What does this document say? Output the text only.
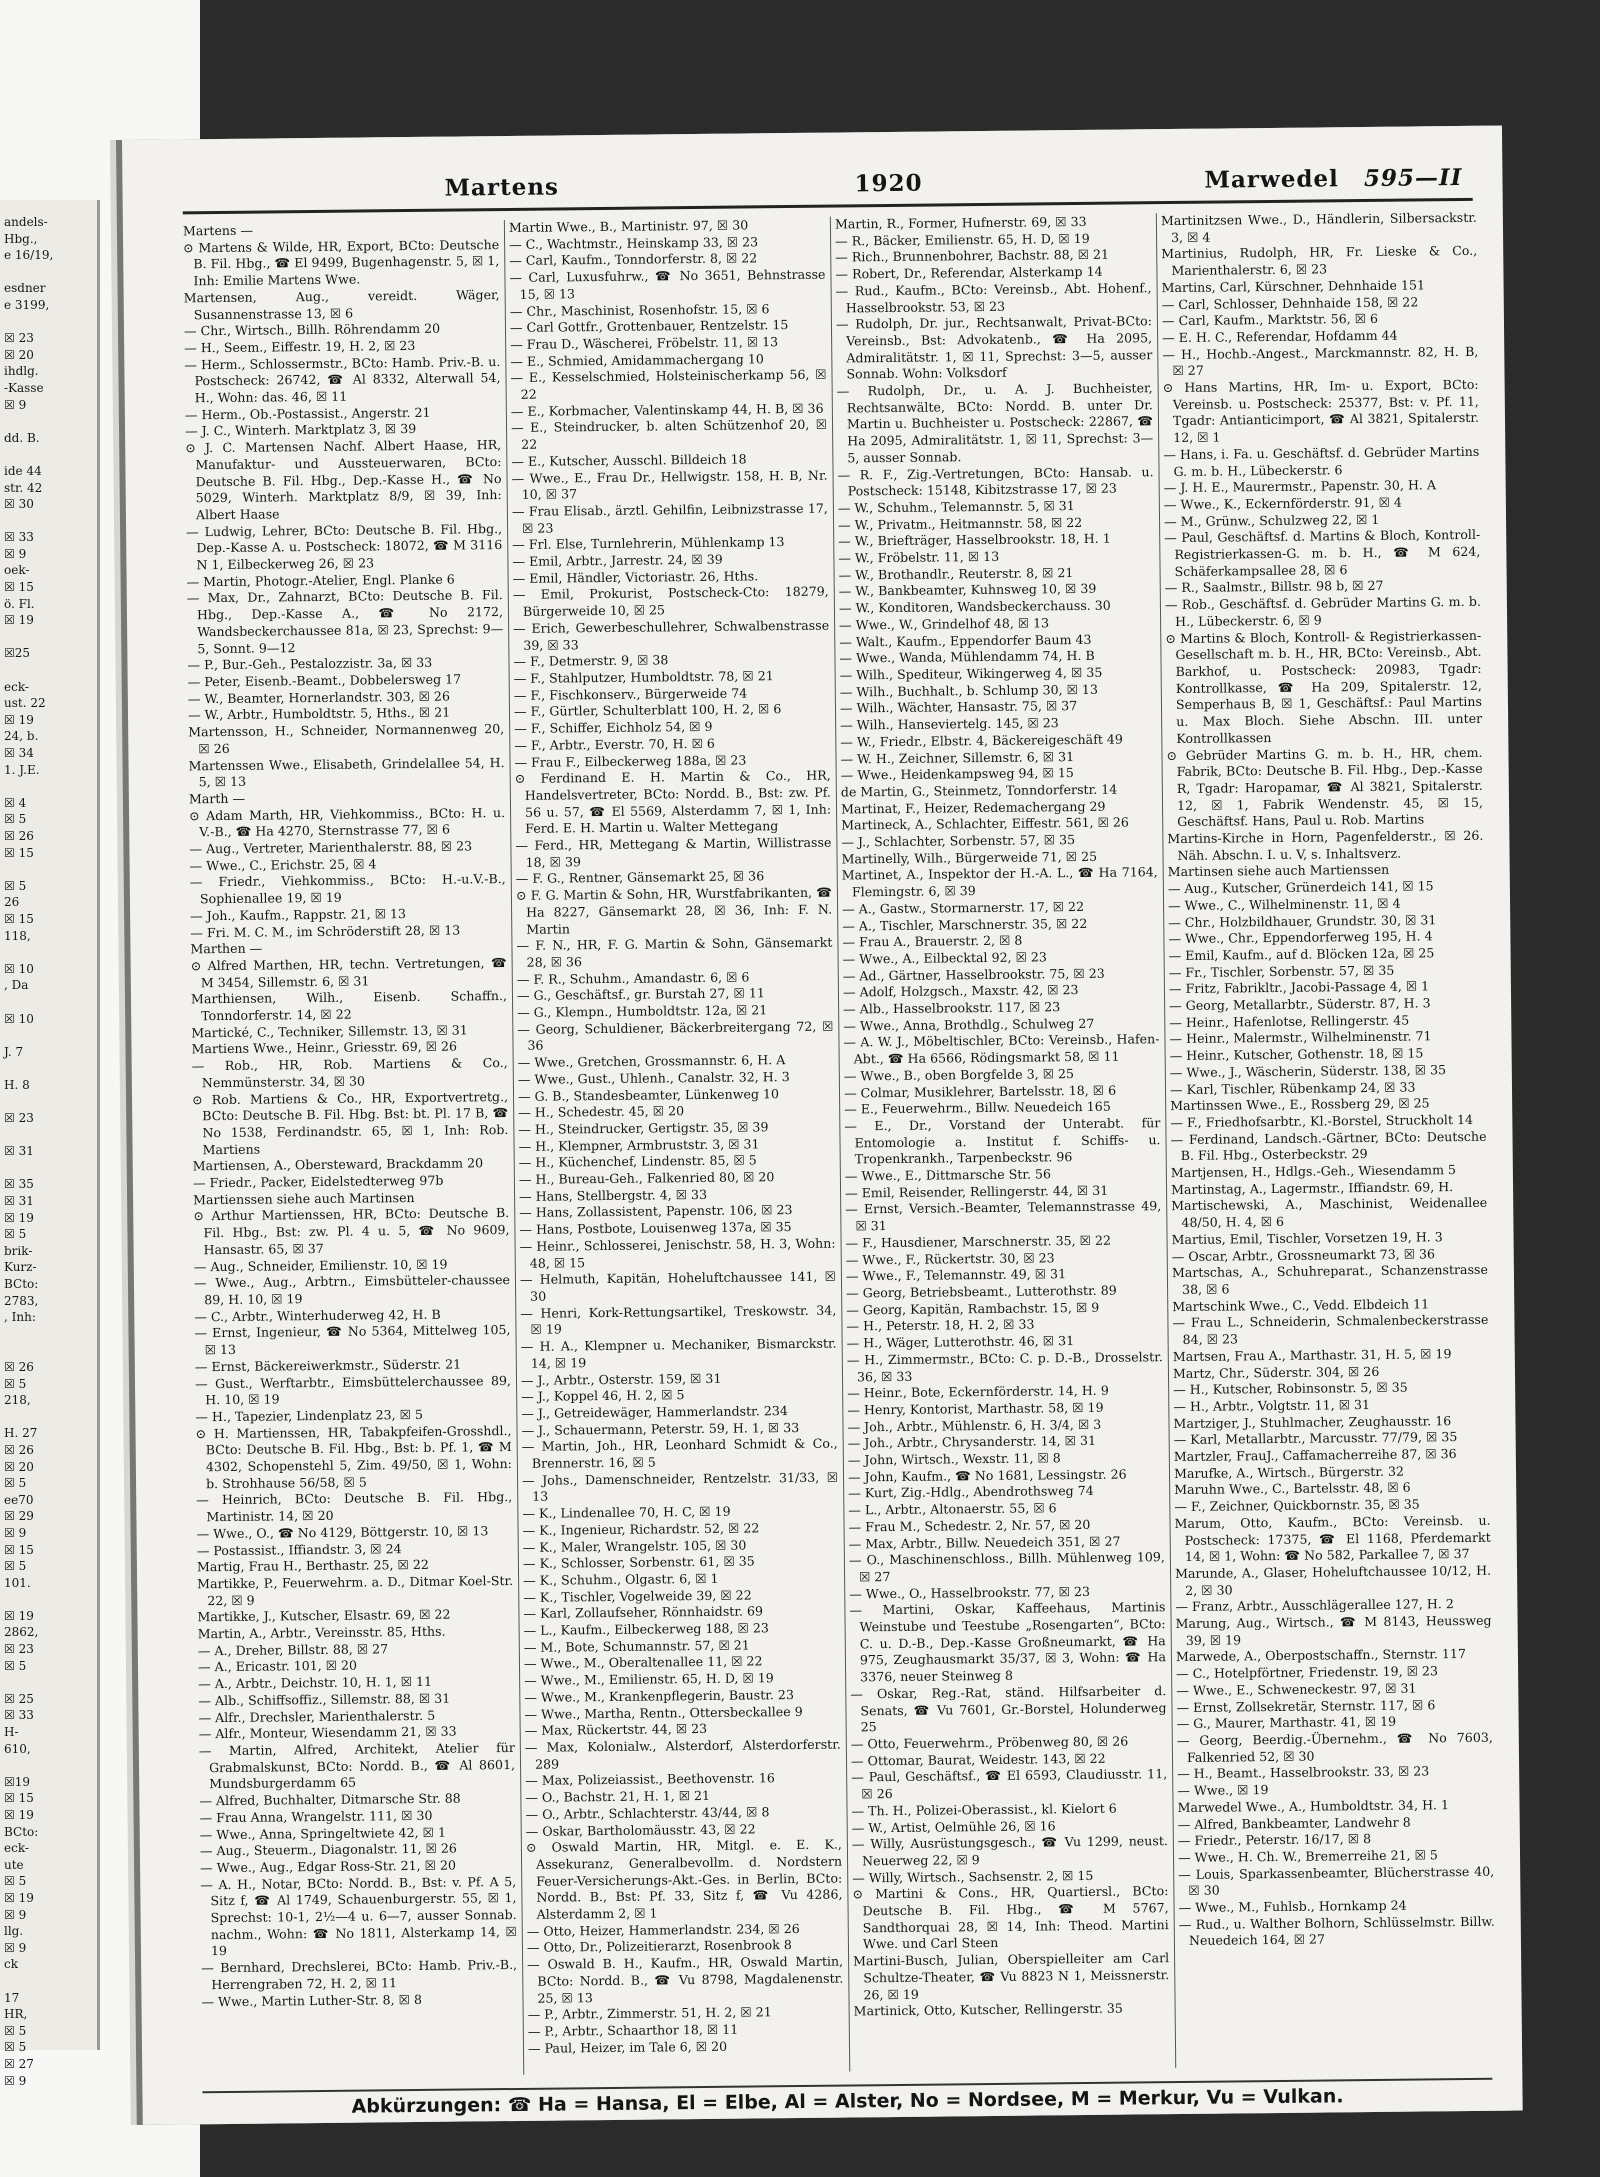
andels-
Hbg.,
e 16/19,

esdner
e 3199,

☒ 23
☒ 20
ihdlg.
-Kasse
☒ 9

dd. B.

ide 44
str. 42
☒ 30

☒ 33
☒ 9
oek-
☒ 15
ö. Fl.
☒ 19

☒25

eck-
ust. 22
☒ 19
24, b.
☒ 34
1. J.E.

☒ 4
☒ 5
☒ 26
☒ 15

☒ 5
26
☒ 15
118,

☒ 10
, Da

☒ 10

J. 7

H. 8

☒ 23

☒ 31

☒ 35
☒ 31
☒ 19
☒ 5
brik-
Kurz-
BCto:
2783,
, Inh:

☒ 26
☒ 5
218,

H. 27
☒ 26
☒ 20
☒ 5
ee70
☒ 29
☒ 9
☒ 15
☒ 5
101.

☒ 19
2862,
☒ 23
☒ 5

☒ 25
☒ 33
H-
610,

☒19
☒ 15
☒ 19
BCto:
eck-
ute
☒ 5
☒ 19
☒ 9
llg.
☒ 9
ck

17
HR,
☒ 5
☒ 5
☒ 27
☒ 9
Martens	1920	Marwedel 595—II

Martens —

⊙ Martens & Wilde, HR, Export, BCto: Deutsche B. Fil. Hbg., ☎ El 9499, Bugenhagenstr. 5, ☒ 1, Inh: Emilie Martens Wwe.

Martensen, Aug., vereidt. Wäger, Susannenstrasse 13, ☒ 6

— Chr., Wirtsch., Billh. Röhrendamm 20

— H., Seem., Eiffestr. 19, H. 2, ☒ 23

— Herm., Schlossermstr., BCto: Hamb. Priv.-B. u. Postscheck: 26742, ☎ Al 8332, Alterwall 54, H., Wohn: das. 46, ☒ 11

— Herm., Ob.-Postassist., Angerstr. 21

— J. C., Winterh. Marktplatz 3, ☒ 39

⊙ J. C. Martensen Nachf. Albert Haase, HR, Manufaktur- und Aussteuerwaren, BCto: Deutsche B. Fil. Hbg., Dep.-Kasse H., ☎ No 5029, Winterh. Marktplatz 8/9, ☒ 39, Inh: Albert Haase

— Ludwig, Lehrer, BCto: Deutsche B. Fil. Hbg., Dep.-Kasse A. u. Postscheck: 18072, ☎ M 3116 N 1, Eilbeckerweg 26, ☒ 23

— Martin, Photogr.-Atelier, Engl. Planke 6

— Max, Dr., Zahnarzt, BCto: Deutsche B. Fil. Hbg., Dep.-Kasse A., ☎ No 2172, Wandsbeckerchaussee 81a, ☒ 23, Sprechst: 9—5, Sonnt. 9—12

— P., Bur.-Geh., Pestalozzistr. 3a, ☒ 33

— Peter, Eisenb.-Beamt., Dobbelersweg 17

— W., Beamter, Hornerlandstr. 303, ☒ 26

— W., Arbtr., Humboldtstr. 5, Hths., ☒ 21

Martensson, H., Schneider, Normannenweg 20, ☒ 26

Martenssen Wwe., Elisabeth, Grindelallee 54, H. 5, ☒ 13

Marth —

⊙ Adam Marth, HR, Viehkommiss., BCto: H. u. V.-B., ☎ Ha 4270, Sternstrasse 77, ☒ 6

— Aug., Vertreter, Marienthalerstr. 88, ☒ 23

— Wwe., C., Erichstr. 25, ☒ 4

— Friedr., Viehkommiss., BCto: H.-u.V.-B., Sophienallee 19, ☒ 19

— Joh., Kaufm., Rappstr. 21, ☒ 13

— Fri. M. C. M., im Schröderstift 28, ☒ 13

Marthen —

⊙ Alfred Marthen, HR, techn. Vertretungen, ☎ M 3454, Sillemstr. 6, ☒ 31

Marthiensen, Wilh., Eisenb. Schaffn., Tonndorferstr. 14, ☒ 22

Martické, C., Techniker, Sillemstr. 13, ☒ 31

Martiens Wwe., Heinr., Griesstr. 69, ☒ 26

— Rob., HR, Rob. Martiens & Co., Nemmünsterstr. 34, ☒ 30

⊙ Rob. Martiens & Co., HR, Exportvertretg., BCto: Deutsche B. Fil. Hbg. Bst: bt. Pl. 17 B, ☎ No 1538, Ferdinandstr. 65, ☒ 1, Inh: Rob. Martiens

Martiensen, A., Obersteward, Brackdamm 20

— Friedr., Packer, Eidelstedterweg 97b

Martienssen siehe auch Martinsen

⊙ Arthur Martienssen, HR, BCto: Deutsche B. Fil. Hbg., Bst: zw. Pl. 4 u. 5, ☎ No 9609, Hansastr. 65, ☒ 37

— Aug., Schneider, Emilienstr. 10, ☒ 19

— Wwe., Aug., Arbtrn., Eimsbütteler-chaussee 89, H. 10, ☒ 19

— C., Arbtr., Winterhuderweg 42, H. B

— Ernst, Ingenieur, ☎ No 5364, Mittelweg 105, ☒ 13

— Ernst, Bäckereiwerkmstr., Süderstr. 21

— Gust., Werftarbtr., Eimsbüttelerchaussee 89, H. 10, ☒ 19

— H., Tapezier, Lindenplatz 23, ☒ 5

⊙ H. Martienssen, HR, Tabakpfeifen-Grosshdl., BCto: Deutsche B. Fil. Hbg., Bst: b. Pf. 1, ☎ M 4302, Schopenstehl 5, Zim. 49/50, ☒ 1, Wohn: b. Strohhause 56/58, ☒ 5

— Heinrich, BCto: Deutsche B. Fil. Hbg., Martinistr. 14, ☒ 20

— Wwe., O., ☎ No 4129, Böttgerstr. 10, ☒ 13

— Postassist., Iffiandstr. 3, ☒ 24

Martig, Frau H., Berthastr. 25, ☒ 22

Martikke, P., Feuerwehrm. a. D., Ditmar Koel-Str. 22, ☒ 9

Martikke, J., Kutscher, Elsastr. 69, ☒ 22

Martin, A., Arbtr., Vereinsstr. 85, Hths.

— A., Dreher, Billstr. 88, ☒ 27

— A., Ericastr. 101, ☒ 20

— A., Arbtr., Deichstr. 10, H. 1, ☒ 11

— Alb., Schiffsoffiz., Sillemstr. 88, ☒ 31

— Alfr., Drechsler, Marienthalerstr. 5

— Alfr., Monteur, Wiesendamm 21, ☒ 33

— Martin, Alfred, Architekt, Atelier für Grabmalskunst, BCto: Nordd. B., ☎ Al 8601, Mundsburgerdamm 65

— Alfred, Buchhalter, Ditmarsche Str. 88

— Frau Anna, Wrangelstr. 111, ☒ 30

— Wwe., Anna, Springeltwiete 42, ☒ 1

— Aug., Steuerm., Diagonalstr. 11, ☒ 26

— Wwe., Aug., Edgar Ross-Str. 21, ☒ 20

— A. H., Notar, BCto: Nordd. B., Bst: v. Pf. A 5, Sitz f, ☎ Al 1749, Schauenburgerstr. 55, ☒ 1, Sprechst: 10-1, 2½—4 u. 6—7, ausser Sonnab. nachm., Wohn: ☎ No 1811, Alsterkamp 14, ☒ 19

— Bernhard, Drechslerei, BCto: Hamb. Priv.-B., Herrengraben 72, H. 2, ☒ 11

— Wwe., Martin Luther-Str. 8, ☒ 8

Martin Wwe., B., Martinistr. 97, ☒ 30

— C., Wachtmstr., Heinskamp 33, ☒ 23

— Carl, Kaufm., Tonndorferstr. 8, ☒ 22

— Carl, Luxusfuhrw., ☎ No 3651, Behnstrasse 15, ☒ 13

— Chr., Maschinist, Rosenhofstr. 15, ☒ 6

— Carl Gottfr., Grottenbauer, Rentzelstr. 15

— Frau D., Wäscherei, Fröbelstr. 11, ☒ 13

— E., Schmied, Amidammachergang 10

— E., Kesselschmied, Holsteinischerkamp 56, ☒ 22

— E., Korbmacher, Valentinskamp 44, H. B, ☒ 36

— E., Steindrucker, b. alten Schützenhof 20, ☒ 22

— E., Kutscher, Ausschl. Billdeich 18

— Wwe., E., Frau Dr., Hellwigstr. 158, H. B, Nr. 10, ☒ 37

— Frau Elisab., ärztl. Gehilfin, Leibnizstrasse 17, ☒ 23

— Frl. Else, Turnlehrerin, Mühlenkamp 13

— Emil, Arbtr., Jarrestr. 24, ☒ 39

— Emil, Händler, Victoriastr. 26, Hths.

— Emil, Prokurist, Postscheck-Cto: 18279, Bürgerweide 10, ☒ 25

— Erich, Gewerbeschullehrer, Schwalbenstrasse 39, ☒ 33

— F., Detmerstr. 9, ☒ 38

— F., Stahlputzer, Humboldtstr. 78, ☒ 21

— F., Fischkonserv., Bürgerweide 74

— F., Gürtler, Schulterblatt 100, H. 2, ☒ 6

— F., Schiffer, Eichholz 54, ☒ 9

— F., Arbtr., Everstr. 70, H. ☒ 6

— Frau F., Eilbeckerweg 188a, ☒ 23

⊙ Ferdinand E. H. Martin & Co., HR, Handelsvertreter, BCto: Nordd. B., Bst: zw. Pf. 56 u. 57, ☎ El 5569, Alsterdamm 7, ☒ 1, Inh: Ferd. E. H. Martin u. Walter Mettegang

— Ferd., HR, Mettegang & Martin, Willistrasse 18, ☒ 39

— F. G., Rentner, Gänsemarkt 25, ☒ 36

⊙ F. G. Martin & Sohn, HR, Wurstfabrikanten, ☎ Ha 8227, Gänsemarkt 28, ☒ 36, Inh: F. N. Martin

— F. N., HR, F. G. Martin & Sohn, Gänsemarkt 28, ☒ 36

— F. R., Schuhm., Amandastr. 6, ☒ 6

— G., Geschäftsf., gr. Burstah 27, ☒ 11

— G., Klempn., Humboldtstr. 12a, ☒ 21

— Georg, Schuldiener, Bäckerbreitergang 72, ☒ 36

— Wwe., Gretchen, Grossmannstr. 6, H. A

— Wwe., Gust., Uhlenh., Canalstr. 32, H. 3

— G. B., Standesbeamter, Lünkenweg 10

— H., Schedestr. 45, ☒ 20

— H., Steindrucker, Gertigstr. 35, ☒ 39

— H., Klempner, Armbruststr. 3, ☒ 31

— H., Küchenchef, Lindenstr. 85, ☒ 5

— H., Bureau-Geh., Falkenried 80, ☒ 20

— Hans, Stellbergstr. 4, ☒ 33

— Hans, Zollassistent, Papenstr. 106, ☒ 23

— Hans, Postbote, Louisenweg 137a, ☒ 35

— Heinr., Schlosserei, Jenischstr. 58, H. 3, Wohn: 48, ☒ 15

— Helmuth, Kapitän, Hoheluftchaussee 141, ☒ 30

— Henri, Kork-Rettungsartikel, Treskowstr. 34, ☒ 19

— H. A., Klempner u. Mechaniker, Bismarckstr. 14, ☒ 19

— J., Arbtr., Osterstr. 159, ☒ 31

— J., Koppel 46, H. 2, ☒ 5

— J., Getreidewäger, Hammerlandstr. 234

— J., Schauermann, Peterstr. 59, H. 1, ☒ 33

— Martin, Joh., HR, Leonhard Schmidt & Co., Brennerstr. 16, ☒ 5

— Johs., Damenschneider, Rentzelstr. 31/33, ☒ 13

— K., Lindenallee 70, H. C, ☒ 19

— K., Ingenieur, Richardstr. 52, ☒ 22

— K., Maler, Wrangelstr. 105, ☒ 30

— K., Schlosser, Sorbenstr. 61, ☒ 35

— K., Schuhm., Olgastr. 6, ☒ 1

— K., Tischler, Vogelweide 39, ☒ 22

— Karl, Zollaufseher, Rönnhaidstr. 69

— L., Kaufm., Eilbeckerweg 188, ☒ 23

— M., Bote, Schumannstr. 57, ☒ 21

— Wwe., M., Oberaltenallee 11, ☒ 22

— Wwe., M., Emilienstr. 65, H. D, ☒ 19

— Wwe., M., Krankenpflegerin, Baustr. 23

— Wwe., Martha, Rentn., Ottersbeckallee 9

— Max, Rückertstr. 44, ☒ 23

— Max, Kolonialw., Alsterdorf, Alsterdorferstr. 289

— Max, Polizeiassist., Beethovenstr. 16

— O., Bachstr. 21, H. 1, ☒ 21

— O., Arbtr., Schlachterstr. 43/44, ☒ 8

— Oskar, Bartholomäusstr. 43, ☒ 22

⊙ Oswald Martin, HR, Mitgl. e. E. K., Assekuranz, Generalbevollm. d. Nordstern Feuer-Versicherungs-Akt.-Ges. in Berlin, BCto: Nordd. B., Bst: Pf. 33, Sitz f, ☎ Vu 4286, Alsterdamm 2, ☒ 1

— Otto, Heizer, Hammerlandstr. 234, ☒ 26

— Otto, Dr., Polizeitierarzt, Rosenbrook 8

— Oswald B. H., Kaufm., HR, Oswald Martin, BCto: Nordd. B., ☎ Vu 8798, Magdalenenstr. 25, ☒ 13

— P., Arbtr., Zimmerstr. 51, H. 2, ☒ 21

— P., Arbtr., Schaarthor 18, ☒ 11

— Paul, Heizer, im Tale 6, ☒ 20

Martin, R., Former, Hufnerstr. 69, ☒ 33

— R., Bäcker, Emilienstr. 65, H. D, ☒ 19

— Rich., Brunnenbohrer, Bachstr. 88, ☒ 21

— Robert, Dr., Referendar, Alsterkamp 14

— Rud., Kaufm., BCto: Vereinsb., Abt. Hohenf., Hasselbrookstr. 53, ☒ 23

— Rudolph, Dr. jur., Rechtsanwalt, Privat-BCto: Vereinsb., Bst: Advokatenb., ☎ Ha 2095, Admiralitätstr. 1, ☒ 11, Sprechst: 3—5, ausser Sonnab. Wohn: Volksdorf

— Rudolph, Dr., u. A. J. Buchheister, Rechtsanwälte, BCto: Nordd. B. unter Dr. Martin u. Buchheister u. Postscheck: 22867, ☎ Ha 2095, Admiralitätstr. 1, ☒ 11, Sprechst: 3—5, ausser Sonnab.

— R. F., Zig.-Vertretungen, BCto: Hansab. u. Postscheck: 15148, Kibitzstrasse 17, ☒ 23

— W., Schuhm., Telemannstr. 5, ☒ 31

— W., Privatm., Heitmannstr. 58, ☒ 22

— W., Briefträger, Hasselbrookstr. 18, H. 1

— W., Fröbelstr. 11, ☒ 13

— W., Brothandlr., Reuterstr. 8, ☒ 21

— W., Bankbeamter, Kuhnsweg 10, ☒ 39

— W., Konditoren, Wandsbeckerchauss. 30

— Wwe., W., Grindelhof 48, ☒ 13

— Walt., Kaufm., Eppendorfer Baum 43

— Wwe., Wanda, Mühlendamm 74, H. B

— Wilh., Spediteur, Wikingerweg 4, ☒ 35

— Wilh., Buchhalt., b. Schlump 30, ☒ 13

— Wilh., Wächter, Hansastr. 75, ☒ 37

— Wilh., Hanseviertelg. 145, ☒ 23

— W., Friedr., Elbstr. 4, Bäckereigeschäft 49

— W. H., Zeichner, Sillemstr. 6, ☒ 31

— Wwe., Heidenkampsweg 94, ☒ 15

de Martin, G., Steinmetz, Tonndorferstr. 14

Martinat, F., Heizer, Redemachergang 29

Martineck, A., Schlachter, Eiffestr. 561, ☒ 26

— J., Schlachter, Sorbenstr. 57, ☒ 35

Martinelly, Wilh., Bürgerweide 71, ☒ 25

Martinet, A., Inspektor der H.-A. L., ☎ Ha 7164, Flemingstr. 6, ☒ 39

— A., Gastw., Stormarnerstr. 17, ☒ 22

— A., Tischler, Marschnerstr. 35, ☒ 22

— Frau A., Brauerstr. 2, ☒ 8

— Wwe., A., Eilbecktal 92, ☒ 23

— Ad., Gärtner, Hasselbrookstr. 75, ☒ 23

— Adolf, Holzgsch., Maxstr. 42, ☒ 23

— Alb., Hasselbrookstr. 117, ☒ 23

— Wwe., Anna, Brothdlg., Schulweg 27

— A. W. J., Möbeltischler, BCto: Vereinsb., Hafen-Abt., ☎ Ha 6566, Rödingsmarkt 58, ☒ 11

— Wwe., B., oben Borgfelde 3, ☒ 25

— Colmar, Musiklehrer, Bartelsstr. 18, ☒ 6

— E., Feuerwehrm., Billw. Neuedeich 165

— E., Dr., Vorstand der Unterabt. für Entomologie a. Institut f. Schiffs- u. Tropenkrankh., Tarpenbeckstr. 96

— Wwe., E., Dittmarsche Str. 56

— Emil, Reisender, Rellingerstr. 44, ☒ 31

— Ernst, Versich.-Beamter, Telemannstrasse 49, ☒ 31

— F., Hausdiener, Marschnerstr. 35, ☒ 22

— Wwe., F., Rückertstr. 30, ☒ 23

— Wwe., F., Telemannstr. 49, ☒ 31

— Georg, Betriebsbeamt., Lutterothstr. 89

— Georg, Kapitän, Rambachstr. 15, ☒ 9

— H., Peterstr. 18, H. 2, ☒ 33

— H., Wäger, Lutterothstr. 46, ☒ 31

— H., Zimmermstr., BCto: C. p. D.-B., Drosselstr. 36, ☒ 33

— Heinr., Bote, Eckernförderstr. 14, H. 9

— Henry, Kontorist, Marthastr. 58, ☒ 19

— Joh., Arbtr., Mühlenstr. 6, H. 3/4, ☒ 3

— Joh., Arbtr., Chrysanderstr. 14, ☒ 31

— John, Wirtsch., Wexstr. 11, ☒ 8

— John, Kaufm., ☎ No 1681, Lessingstr. 26

— Kurt, Zig.-Hdlg., Abendrothsweg 74

— L., Arbtr., Altonaerstr. 55, ☒ 6

— Frau M., Schedestr. 2, Nr. 57, ☒ 20

— Max, Arbtr., Billw. Neuedeich 351, ☒ 27

— O., Maschinenschloss., Billh. Mühlenweg 109, ☒ 27

— Wwe., O., Hasselbrookstr. 77, ☒ 23

— Martini, Oskar, Kaffeehaus, Martinis Weinstube und Teestube „Rosengarten“, BCto: C. u. D.-B., Dep.-Kasse Großneumarkt, ☎ Ha 975, Zeughausmarkt 35/37, ☒ 3, Wohn: ☎ Ha 3376, neuer Steinweg 8

— Oskar, Reg.-Rat, ständ. Hilfsarbeiter d. Senats, ☎ Vu 7601, Gr.-Borstel, Holunderweg 25

— Otto, Feuerwehrm., Pröbenweg 80, ☒ 26

— Ottomar, Baurat, Weidestr. 143, ☒ 22

— Paul, Geschäftsf., ☎ El 6593, Claudiusstr. 11, ☒ 26

— Th. H., Polizei-Oberassist., kl. Kielort 6

— W., Artist, Oelmühle 26, ☒ 16

— Willy, Ausrüstungsgesch., ☎ Vu 1299, neust. Neuerweg 22, ☒ 9

— Willy, Wirtsch., Sachsenstr. 2, ☒ 15

⊙ Martini & Cons., HR, Quartiersl., BCto: Deutsche B. Fil. Hbg., ☎ M 5767, Sandthorquai 28, ☒ 14, Inh: Theod. Martini Wwe. und Carl Steen

Martini-Busch, Julian, Oberspielleiter am Carl Schultze-Theater, ☎ Vu 8823 N 1, Meissnerstr. 26, ☒ 19

Martinick, Otto, Kutscher, Rellingerstr. 35

Martinitzsen Wwe., D., Händlerin, Silbersackstr. 3, ☒ 4

Martinius, Rudolph, HR, Fr. Lieske & Co., Marienthalerstr. 6, ☒ 23

Martins, Carl, Kürschner, Dehnhaide 151

— Carl, Schlosser, Dehnhaide 158, ☒ 22

— Carl, Kaufm., Marktstr. 56, ☒ 6

— E. H. C., Referendar, Hofdamm 44

— H., Hochb.-Angest., Marckmannstr. 82, H. B, ☒ 27

⊙ Hans Martins, HR, Im- u. Export, BCto: Vereinsb. u. Postscheck: 25377, Bst: v. Pf. 11, Tgadr: Antianticimport, ☎ Al 3821, Spitalerstr. 12, ☒ 1

— Hans, i. Fa. u. Geschäftsf. d. Gebrüder Martins G. m. b. H., Lübeckerstr. 6

— J. H. E., Maurermstr., Papenstr. 30, H. A

— Wwe., K., Eckernförderstr. 91, ☒ 4

— M., Grünw., Schulzweg 22, ☒ 1

— Paul, Geschäftsf. d. Martins & Bloch, Kontroll-Registrierkassen-G. m. b. H., ☎ M 624, Schäferkampsallee 28, ☒ 6

— R., Saalmstr., Billstr. 98 b, ☒ 27

— Rob., Geschäftsf. d. Gebrüder Martins G. m. b. H., Lübeckerstr. 6, ☒ 9

⊙ Martins & Bloch, Kontroll- & Registrierkassen-Gesellschaft m. b. H., HR, BCto: Vereinsb., Abt. Barkhof, u. Postscheck: 20983, Tgadr: Kontrollkasse, ☎ Ha 209, Spitalerstr. 12, Semperhaus B, ☒ 1, Geschäftsf.: Paul Martins u. Max Bloch. Siehe Abschn. III. unter Kontrollkassen

⊙ Gebrüder Martins G. m. b. H., HR, chem. Fabrik, BCto: Deutsche B. Fil. Hbg., Dep.-Kasse R, Tgadr: Haropamar, ☎ Al 3821, Spitalerstr. 12, ☒ 1, Fabrik Wendenstr. 45, ☒ 15, Geschäftsf. Hans, Paul u. Rob. Martins

Martins-Kirche in Horn, Pagenfelderstr., ☒ 26. Näh. Abschn. I. u. V, s. Inhaltsverz.

Martinsen siehe auch Martienssen

— Aug., Kutscher, Grünerdeich 141, ☒ 15

— Wwe., C., Wilhelminenstr. 11, ☒ 4

— Chr., Holzbildhauer, Grundstr. 30, ☒ 31

— Wwe., Chr., Eppendorferweg 195, H. 4

— Emil, Kaufm., auf d. Blöcken 12a, ☒ 25

— Fr., Tischler, Sorbenstr. 57, ☒ 35

— Fritz, Fabrikltr., Jacobi-Passage 4, ☒ 1

— Georg, Metallarbtr., Süderstr. 87, H. 3

— Heinr., Hafenlotse, Rellingerstr. 45

— Heinr., Malermstr., Wilhelminenstr. 71

— Heinr., Kutscher, Gothenstr. 18, ☒ 15

— Wwe., J., Wäscherin, Süderstr. 138, ☒ 35

— Karl, Tischler, Rübenkamp 24, ☒ 33

Martinssen Wwe., E., Rossberg 29, ☒ 25

— F., Friedhofsarbtr., Kl.-Borstel, Struckholt 14

— Ferdinand, Landsch.-Gärtner, BCto: Deutsche B. Fil. Hbg., Osterbeckstr. 29

Martjensen, H., Hdlgs.-Geh., Wiesendamm 5

Martinstag, A., Lagermstr., Iffiandstr. 69, H.

Martischewski, A., Maschinist, Weidenallee 48/50, H. 4, ☒ 6

Martius, Emil, Tischler, Vorsetzen 19, H. 3

— Oscar, Arbtr., Grossneumarkt 73, ☒ 36

Martschas, A., Schuhreparat., Schanzenstrasse 38, ☒ 6

Martschink Wwe., C., Vedd. Elbdeich 11

— Frau L., Schneiderin, Schmalenbeckerstrasse 84, ☒ 23

Martsen, Frau A., Marthastr. 31, H. 5, ☒ 19

Martz, Chr., Süderstr. 304, ☒ 26

— H., Kutscher, Robinsonstr. 5, ☒ 35

— H., Arbtr., Volgtstr. 11, ☒ 31

Martziger, J., Stuhlmacher, Zeughausstr. 16

— Karl, Metallarbtr., Marcusstr. 77/79, ☒ 35

Martzler, FrauJ., Caffamacherreihe 87, ☒ 36

Marufke, A., Wirtsch., Bürgerstr. 32

Maruhn Wwe., C., Bartelsstr. 48, ☒ 6

— F., Zeichner, Quickbornstr. 35, ☒ 35

Marum, Otto, Kaufm., BCto: Vereinsb. u. Postscheck: 17375, ☎ El 1168, Pferdemarkt 14, ☒ 1, Wohn: ☎ No 582, Parkallee 7, ☒ 37

Marunde, A., Glaser, Hoheluftchaussee 10/12, H. 2, ☒ 30

— Franz, Arbtr., Ausschlägerallee 127, H. 2

Marung, Aug., Wirtsch., ☎ M 8143, Heussweg 39, ☒ 19

Marwede, A., Oberpostschaffn., Sternstr. 117

— C., Hotelpförtner, Friedenstr. 19, ☒ 23

— Wwe., E., Schweneckestr. 97, ☒ 31

— Ernst, Zollsekretär, Sternstr. 117, ☒ 6

— G., Maurer, Marthastr. 41, ☒ 19

— Georg, Beerdig.-Übernehm., ☎ No 7603, Falkenried 52, ☒ 30

— H., Beamt., Hasselbrookstr. 33, ☒ 23

— Wwe., ☒ 19

Marwedel Wwe., A., Humboldtstr. 34, H. 1

— Alfred, Bankbeamter, Landwehr 8

— Friedr., Peterstr. 16/17, ☒ 8

— Wwe., H. Ch. W., Bremerreihe 21, ☒ 5

— Louis, Sparkassenbeamter, Blücherstrasse 40, ☒ 30

— Wwe., M., Fuhlsb., Hornkamp 24

— Rud., u. Walther Bolhorn, Schlüsselmstr. Billw. Neuedeich 164, ☒ 27

Abkürzungen: ☎ Ha = Hansa, El = Elbe, Al = Alster, No = Nordsee, M = Merkur, Vu = Vulkan.
